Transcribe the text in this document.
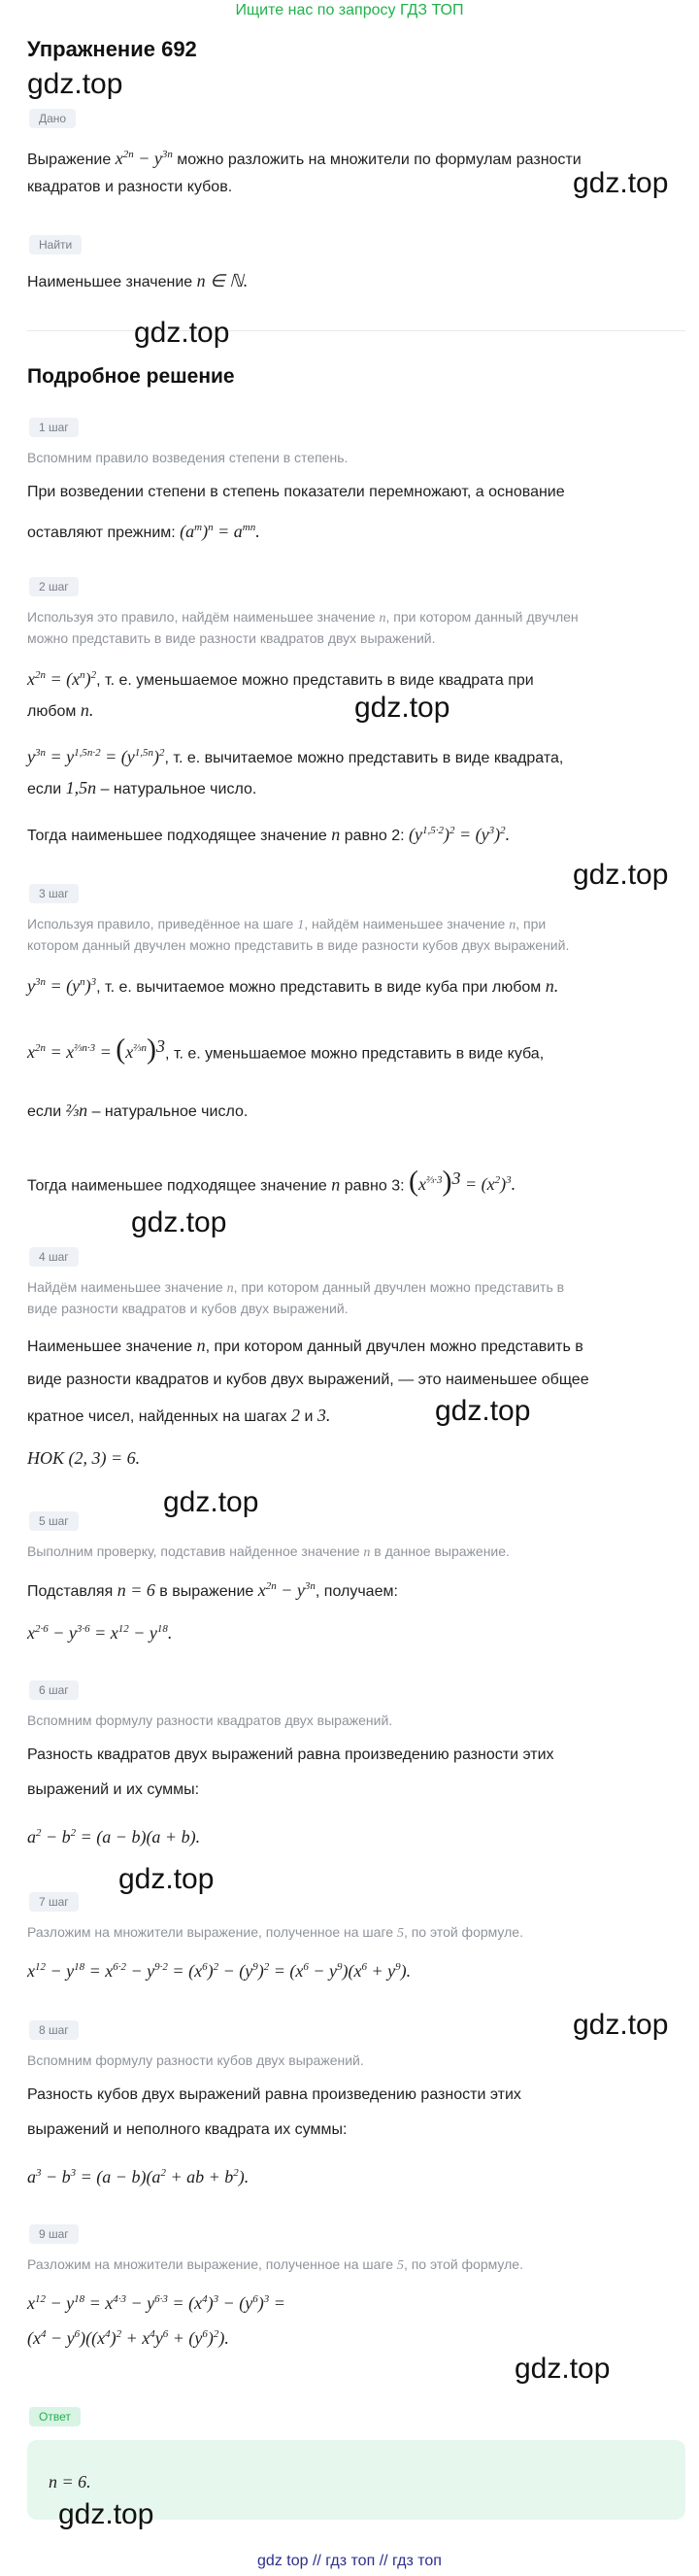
Ищите нас по запросу ГДЗ ТОП
Упражнение 692
gdz.top
Дано
Выражение $x^{2n} - y^{3n}$ можно разложить на множители по формулам разности
квадратов и разности кубов.	gdz.top
Найти
Наименьшее значение n ∈ ℕ.
gdz.top
Подробное решение
1 шаг
Вспомним правило возведения степени в степень.
При возведении степени в степень показатели перемножают, а основание
оставляют прежним: $(a^m)^n = a^{mn}$.
2 шаг
Используя это правило, найдём наименьшее значение n, при котором данный двучлен
можно представить в виде разности квадратов двух выражений.
$x^{2n} = (x^n)^2$, т. е. уменьшаемое можно представить в виде квадрата при
любом n.	gdz.top
$y^{3n} = y^{1,5n\cdot 2} = (y^{1,5n})^2$, т. е. вычитаемое можно представить в виде квадрата,
если 1,5n – натуральное число.
Тогда наименьшее подходящее значение n равно 2: $(y^{1,5\cdot 2})^2 = (y^3)^2$.
gdz.top
3 шаг
Используя правило, приведённое на шаге 1, найдём наименьшее значение n, при
котором данный двучлен можно представить в виде разности кубов двух выражений.
$y^{3n} = (y^n)^3$, т. е. вычитаемое можно представить в виде куба при любом n.
$x^{2n} = x^{\frac{2}{3}n\cdot 3} = (x^{\frac{2}{3}n})^3$, т. е. уменьшаемое можно представить в виде куба,
если ⅔n – натуральное число.
Тогда наименьшее подходящее значение n равно 3: $(x^{\frac{2}{3}\cdot 3})^3 = (x^2)^3$.
gdz.top
4 шаг
Найдём наименьшее значение n, при котором данный двучлен можно представить в
виде разности квадратов и кубов двух выражений.
Наименьшее значение n, при котором данный двучлен можно представить в
виде разности квадратов и кубов двух выражений, — это наименьшее общее
кратное чисел, найденных на шагах 2 и 3.	gdz.top
НОК (2, 3) = 6.
gdz.top
5 шаг
Выполним проверку, подставив найденное значение n в данное выражение.
Подставляя n = 6 в выражение $x^{2n} - y^{3n}$, получаем:
$x^{2\cdot 6} - y^{3\cdot 6} = x^{12} - y^{18}$.
6 шаг
Вспомним формулу разности квадратов двух выражений.
Разность квадратов двух выражений равна произведению разности этих
выражений и их суммы:
$a^2 - b^2 = (a - b)(a + b)$.
gdz.top
7 шаг
Разложим на множители выражение, полученное на шаге 5, по этой формуле.
$x^{12} - y^{18} = x^{6\cdot 2} - y^{9\cdot 2} = (x^6)^2 - (y^9)^2 = (x^6 - y^9)(x^6 + y^9)$.
gdz.top
8 шаг
Вспомним формулу разности кубов двух выражений.
Разность кубов двух выражений равна произведению разности этих
выражений и неполного квадрата их суммы:
$a^3 - b^3 = (a - b)(a^2$ + ab + $b^2$).
9 шаг
Разложим на множители выражение, полученное на шаге 5, по этой формуле.
$x^{12} - y^{18} = x^{4\cdot 3} - y^{6\cdot 3} = (x^4)^3 - (y^6)^3$ =
$(x^4 - y^6)((x^4)^2 + x^4y^6 + (y^6)^2)$.
gdz.top
Ответ
n = 6.
gdz.top
gdz top // гдз топ // гдз топ
